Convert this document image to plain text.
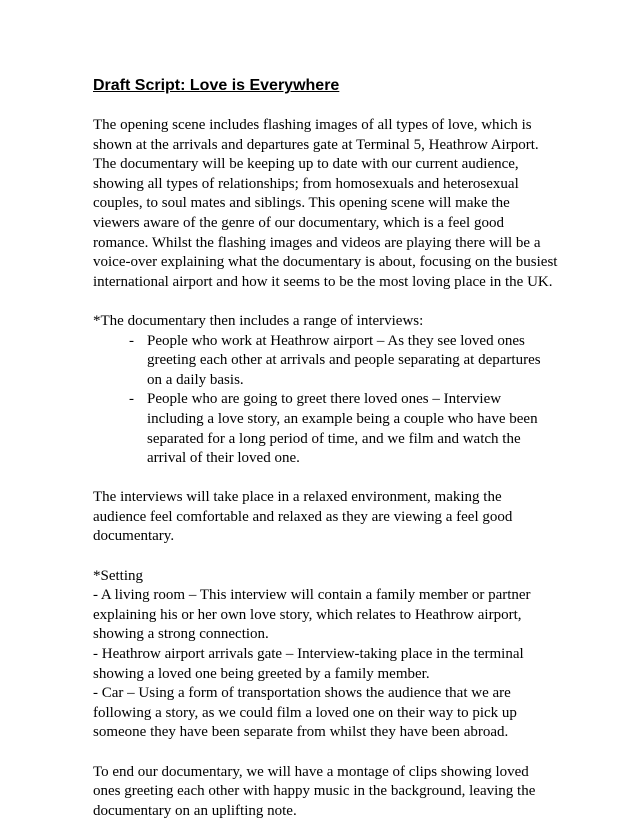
Draft Script: Love is Everywhere

The opening scene includes flashing images of all types of love, which is shown at the arrivals and departures gate at Terminal 5, Heathrow Airport. The documentary will be keeping up to date with our current audience, showing all types of relationships; from homosexuals and heterosexual couples, to soul mates and siblings. This opening scene will make the viewers aware of the genre of our documentary, which is a feel good romance. Whilst the flashing images and videos are playing there will be a voice-over explaining what the documentary is about, focusing on the busiest international airport and how it seems to be the most loving place in the UK.

*The documentary then includes a range of interviews:

- People who work at Heathrow airport – As they see loved ones greeting each other at arrivals and people separating at departures on a daily basis.
- People who are going to greet there loved ones – Interview including a love story, an example being a couple who have been separated for a long period of time, and we film and watch the arrival of their loved one.

The interviews will take place in a relaxed environment, making the audience feel comfortable and relaxed as they are viewing a feel good documentary.

*Setting

- A living room – This interview will contain a family member or partner explaining his or her own love story, which relates to Heathrow airport, showing a strong connection.

- Heathrow airport arrivals gate – Interview-taking place in the terminal showing a loved one being greeted by a family member.

- Car – Using a form of transportation shows the audience that we are following a story, as we could film a loved one on their way to pick up someone they have been separate from whilst they have been abroad.

To end our documentary, we will have a montage of clips showing loved ones greeting each other with happy music in the background, leaving the documentary on an uplifting note.
